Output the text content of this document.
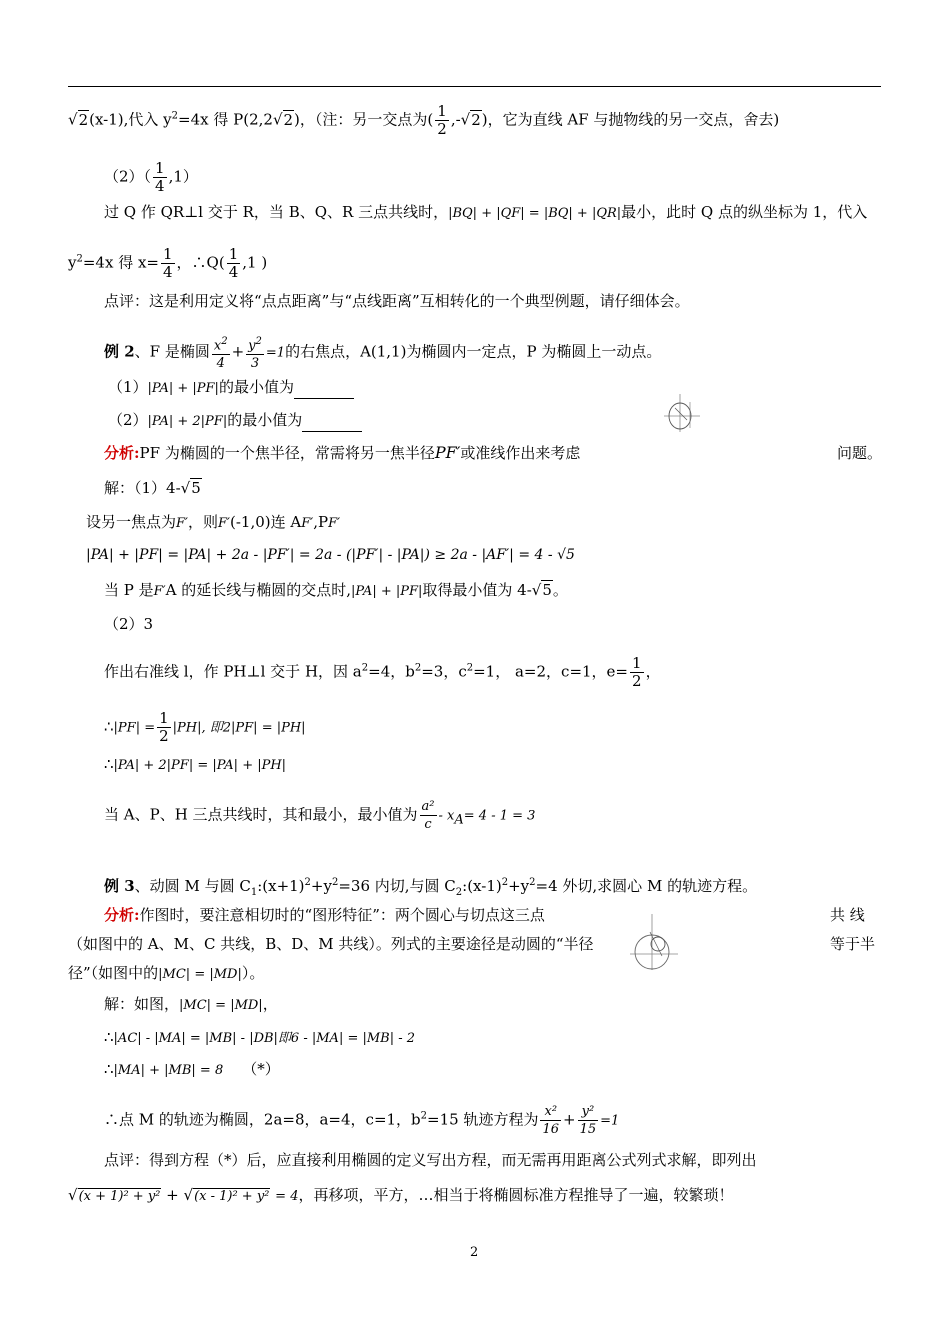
√2(x-1),代入 $y^2=4x$ 得 P(2,2√2)，（注：另一交点为( $\frac{1}{2} ,-√2$)，它为直线 AF 与抛物线的另一交点，舍去)
$(2)( \frac{1}{4} ,1)$
过 Q 作 QR⊥l 交于 R，当 B、Q、R 三点共线时，|BQ| + |QF| = |BQ| + |QR|最小，此时 Q 点的纵坐标为 1，代入
$y^2=4x$ 得 $x= \frac{1}{4}$ ，∴Q( $\frac{1}{4} ,1$ )
点评：这是利用定义将“点点距离”与“点线距离”互相转化的一个典型例题，请仔细体会。
例 2、F 是椭圆 $\frac{x^2}{4} + \frac{y^2}{3} =1$的右焦点，A(1,1)为椭圆内一定点，P 为椭圆上一动点。
（1）|PA| + |PF|的最小值为
（2）|PA| + 2|PF|的最小值为
分析:PF 为椭圆的一个焦半径，常需将另一焦半径PF′或准线作出来考虑	问题。
解：（1）4-√5
设另一焦点为F′，则F′(-1,0)连 AF′,PF′
|PA| + |PF| = |PA| + 2a - |PF′| = 2a - (|PF′| - |PA|) ≥ 2a - |AF′| = 4 - √5
当 P 是F′A 的延长线与椭圆的交点时,|PA| + |PF|取得最小值为 4-√5。
（2）3
作出右准线 l，作 PH⊥l 交于 H，因 $a^2=4$，$b^2=3$，$c^2=1$， a=2，c=1，$e= \frac{1}{2}$ ，
∴|PF| = $\frac{1}{2} |PH|$, 即2|PF| = |PH|
∴|PA| + 2|PF| = |PA| + |PH|
当 A、P、H 三点共线时，其和最小，最小值为 $\frac{\text{a²}}{c} - x_A= 4 - 1 = 3$
例 3、动圆 M 与圆 $C_1:(x+1)^2+y^2=36$ 内切,与圆 $C_2:(x-1)^2+y^2=4$ 外切,求圆心 M 的轨迹方程。
分析:作图时，要注意相切时的“图形特征”：两个圆心与切点这三点	共 线
（如图中的 A、M、C 共线，B、D、M 共线）。列式的主要途径是动圆的“半径	等于半
径”（如图中的|MC| = |MD|）。
解：如图，|MC| = |MD|，
∴|AC| - |MA| = |MB| - |DB|即6 - |MA| = |MB| - 2
∴|MA| + |MB| = 8 （*）
∴点 M 的轨迹为椭圆，2a=8，a=4，c=1，$b^2=15$ 轨迹方程为 $\frac{\text{x²}}{16} + \frac{\text{y²}}{15} =1$
点评：得到方程（*）后，应直接利用椭圆的定义写出方程，而无需再用距离公式列式求解，即列出
√(x + 1)² + y² + √(x - 1)² + y² = 4，再移项，平方，…相当于将椭圆标准方程推导了一遍，较繁琐！
2
